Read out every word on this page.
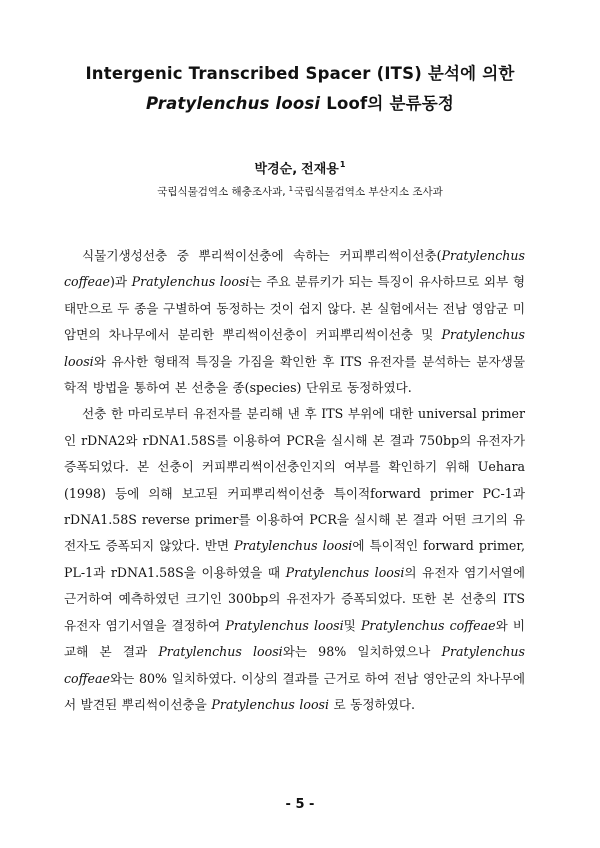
Intergenic Transcribed Spacer (ITS) 분석에 의한
Pratylenchus loosi Loof의 분류동정
박경순, 전재용$^1$
국립식물검역소 해충조사과, $^1$국립식물검역소 부산지소 조사과

식물기생성선충 중 뿌리썩이선충에 속하는 커피뿌리썩이선충(Pratylenchus coffeae)과 Pratylenchus loosi는 주요 분류키가 되는 특징이 유사하므로 외부 형태만으로 두 종을 구별하여 동정하는 것이 쉽지 않다. 본 실험에서는 전남 영암군 미암면의 차나무에서 분리한 뿌리썩이선충이 커피뿌리썩이선충 및 Pratylenchus loosi와 유사한 형태적 특징을 가짐을 확인한 후 ITS 유전자를 분석하는 분자생물학적 방법을 통하여 본 선충을 종(species) 단위로 동정하였다.

선충 한 마리로부터 유전자를 분리해 낸 후 ITS 부위에 대한 universal primer인 rDNA2와 rDNA1.58S를 이용하여 PCR을 실시해 본 결과 750bp의 유전자가 증폭되었다. 본 선충이 커피뿌리썩이선충인지의 여부를 확인하기 위해 Uehara (1998) 등에 의해 보고된 커피뿌리썩이선충 특이적forward primer PC-1과 rDNA1.58S reverse primer를 이용하여 PCR을 실시해 본 결과 어떤 크기의 유전자도 증폭되지 않았다. 반면 Pratylenchus loosi에 특이적인 forward primer, PL-1과 rDNA1.58S을 이용하였을 때 Pratylenchus loosi의 유전자 염기서열에 근거하여 예측하였던 크기인 300bp의 유전자가 증폭되었다. 또한 본 선충의 ITS 유전자 염기서열을 결정하여 Pratylenchus loosi및 Pratylenchus coffeae와 비교해 본 결과 Pratylenchus loosi와는 98% 일치하였으나 Pratylenchus coffeae와는 80% 일치하였다. 이상의 결과를 근거로 하여 전남 영안군의 차나무에서 발견된 뿌리썩이선충을 Pratylenchus loosi 로 동정하였다.

- 5 -
